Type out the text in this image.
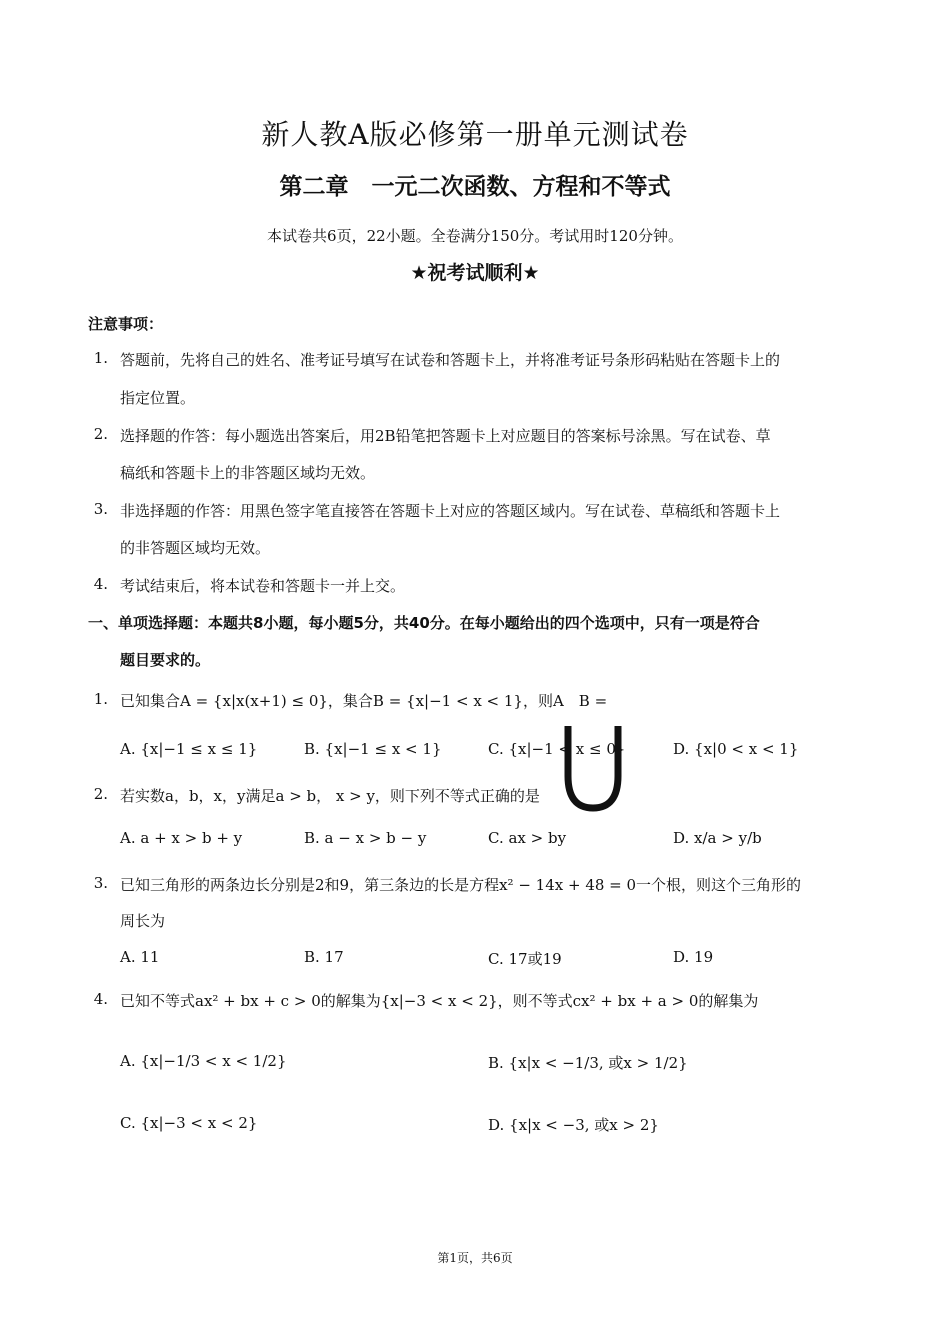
新人教A版必修第一册单元测试卷
第二章　一元二次函数、方程和不等式
本试卷共6页，22小题。全卷满分150分。考试用时120分钟。
★祝考试顺利★
注意事项：
1. 答题前，先将自己的姓名、准考证号填写在试卷和答题卡上，并将准考证号条形码粘贴在答题卡上的
指定位置。
2. 选择题的作答：每小题选出答案后，用2B铅笔把答题卡上对应题目的答案标号涂黑。写在试卷、草
稿纸和答题卡上的非答题区域均无效。
3. 非选择题的作答：用黑色签字笔直接答在答题卡上对应的答题区域内。写在试卷、草稿纸和答题卡上
的非答题区域均无效。
4. 考试结束后，将本试卷和答题卡一并上交。
一、单项选择题：本题共8小题，每小题5分，共40分。在每小题给出的四个选项中，只有一项是符合
题目要求的。
1. 已知集合A = {x|x(x+1) ≤ 0}，集合B = {x|−1 < x < 1}，则A　B =
A. {x|−1 ≤ x ≤ 1}	B. {x|−1 ≤ x < 1}	C. {x|−1 < x ≤ 0}	D. {x|0 < x < 1}
2. 若实数a，b，x，y满足a > b， x > y，则下列不等式正确的是
A. a + x > b + y	B. a − x > b − y	C. ax > by	D. x/a > y/b
3. 已知三角形的两条边长分别是2和9，第三条边的长是方程x² − 14x + 48 = 0一个根，则这个三角形的
周长为
A. 11	B. 17	C. 17或19	D. 19
4. 已知不等式ax² + bx + c > 0的解集为{x|−3 < x < 2}，则不等式cx² + bx + a > 0的解集为
A. {x|−1/3 < x < 1/2}	B. {x|x < −1/3, 或x > 1/2}
C. {x|−3 < x < 2}	D. {x|x < −3, 或x > 2}
第1页，共6页
